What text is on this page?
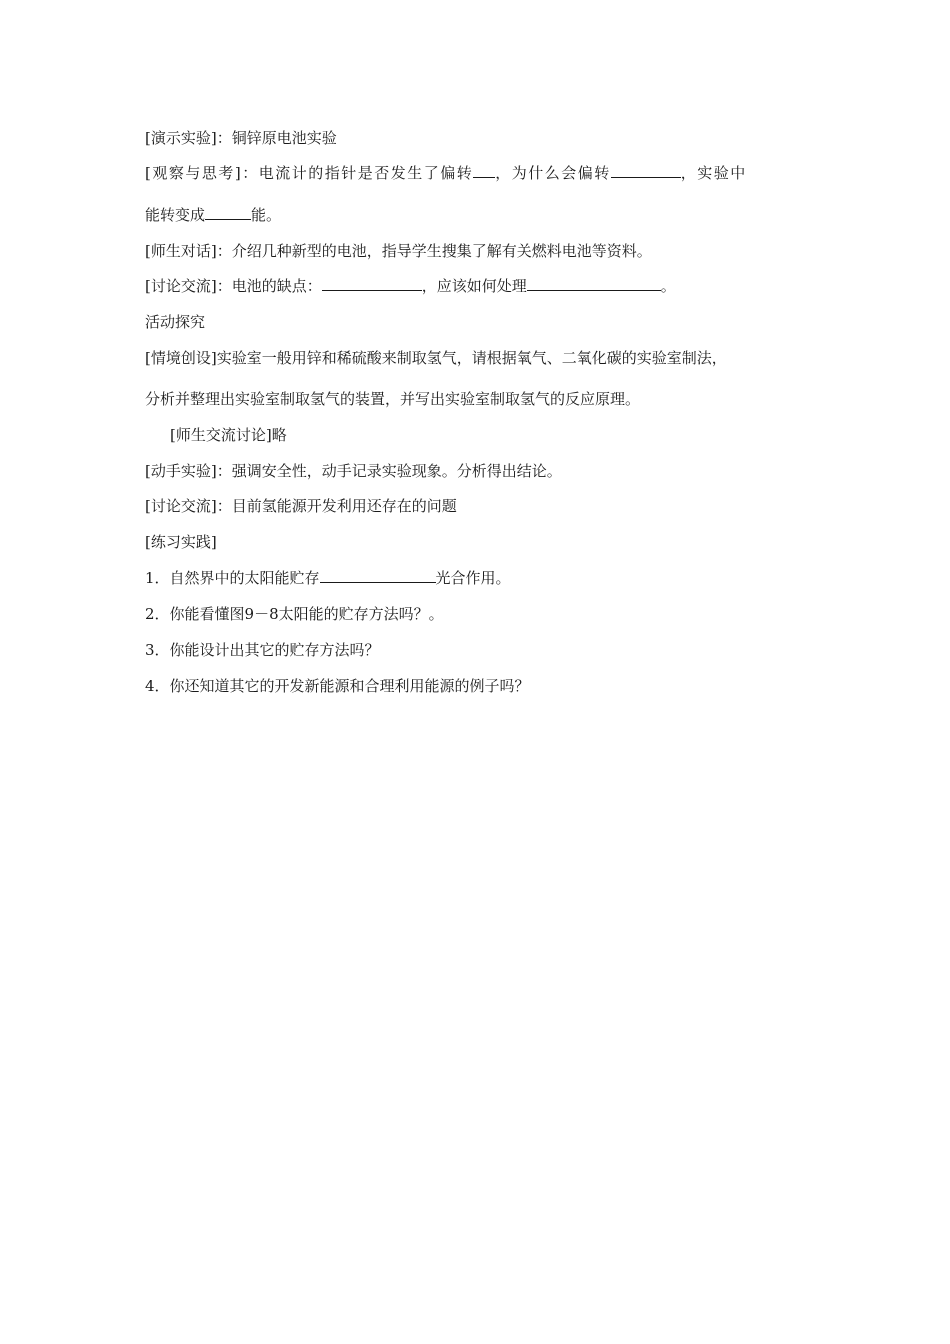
[演示实验]：铜锌原电池实验
[观察与思考]：电流计的指针是否发生了偏转 ，为什么会偏转	，实验中
能转变成	能。
[师生对话]：介绍几种新型的电池，指导学生搜集了解有关燃料电池等资料。
[讨论交流]：电池的缺点：	，应该如何处理	。
活动探究
[情境创设]实验室一般用锌和稀硫酸来制取氢气，请根据氧气、二氧化碳的实验室制法，
分析并整理出实验室制取氢气的装置，并写出实验室制取氢气的反应原理。
[师生交流讨论]略
[动手实验]：强调安全性，动手记录实验现象。分析得出结论。
[讨论交流]：目前氢能源开发利用还存在的问题
[练习实践]
1．自然界中的太阳能贮存	光合作用。
2．你能看懂图9－8太阳能的贮存方法吗？。
3．你能设计出其它的贮存方法吗？
4．你还知道其它的开发新能源和合理利用能源的例子吗？
